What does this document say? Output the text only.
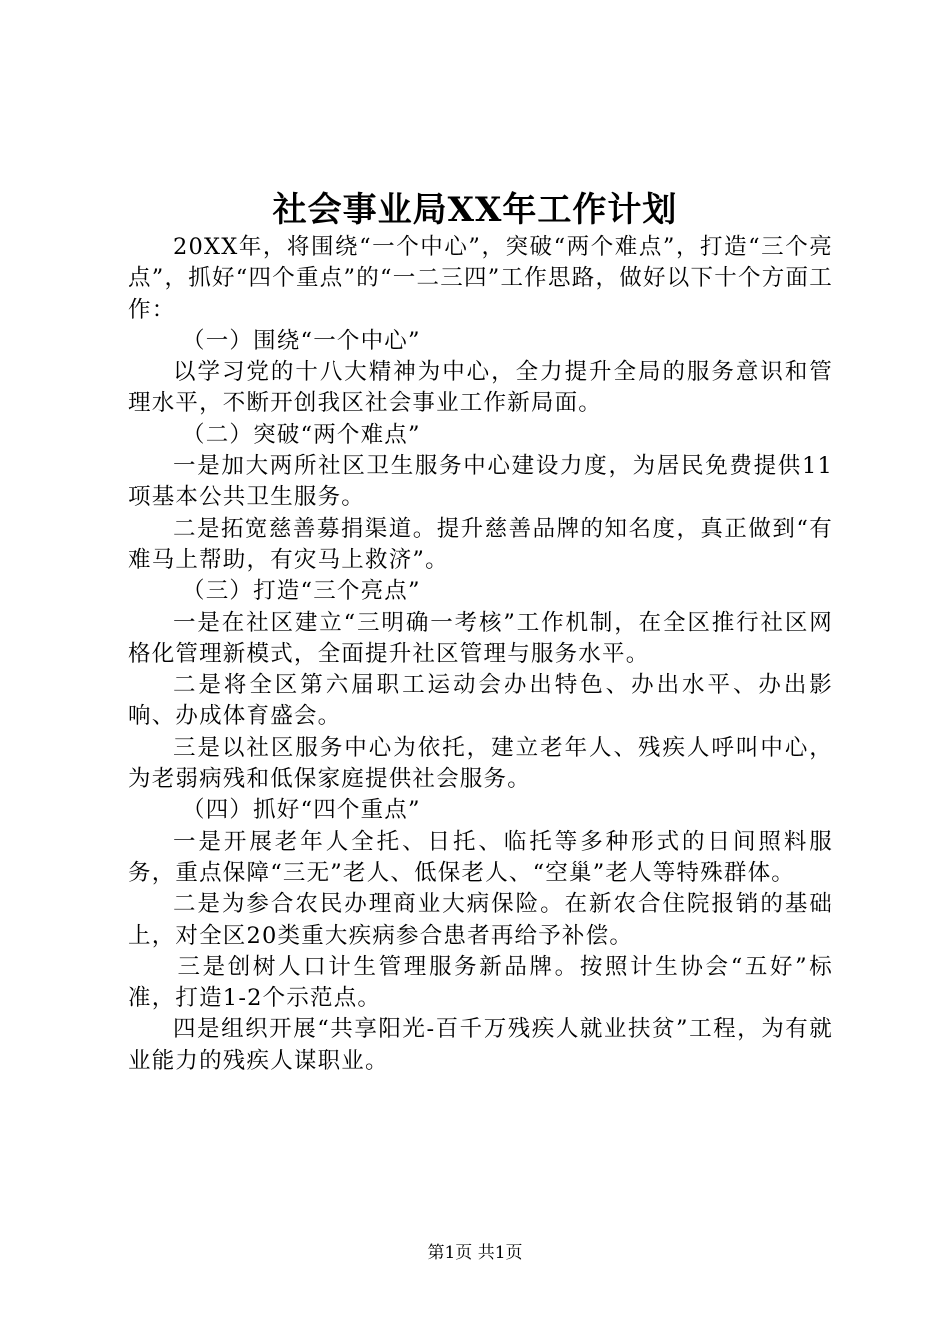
社会事业局XX年工作计划

20XX年，将围绕“一个中心”，突破“两个难点”，打造“三个亮点”，抓好“四个重点”的“一二三四”工作思路，做好以下十个方面工作：

（一）围绕“一个中心”

以学习党的十八大精神为中心，全力提升全局的服务意识和管理水平，不断开创我区社会事业工作新局面。

（二）突破“两个难点”

一是加大两所社区卫生服务中心建设力度，为居民免费提供11项基本公共卫生服务。

二是拓宽慈善募捐渠道。提升慈善品牌的知名度，真正做到“有难马上帮助，有灾马上救济”。

（三）打造“三个亮点”

一是在社区建立“三明确一考核”工作机制，在全区推行社区网格化管理新模式，全面提升社区管理与服务水平。

二是将全区第六届职工运动会办出特色、办出水平、办出影响、办成体育盛会。

三是以社区服务中心为依托，建立老年人、残疾人呼叫中心，为老弱病残和低保家庭提供社会服务。

（四）抓好“四个重点”

一是开展老年人全托、日托、临托等多种形式的日间照料服务，重点保障“三无”老人、低保老人、“空巢”老人等特殊群体。

二是为参合农民办理商业大病保险。在新农合住院报销的基础上，对全区20类重大疾病参合患者再给予补偿。

三是创树人口计生管理服务新品牌。按照计生协会“五好”标准，打造1-2个示范点。

四是组织开展“共享阳光-百千万残疾人就业扶贫”工程，为有就业能力的残疾人谋职业。

第1页 共1页
